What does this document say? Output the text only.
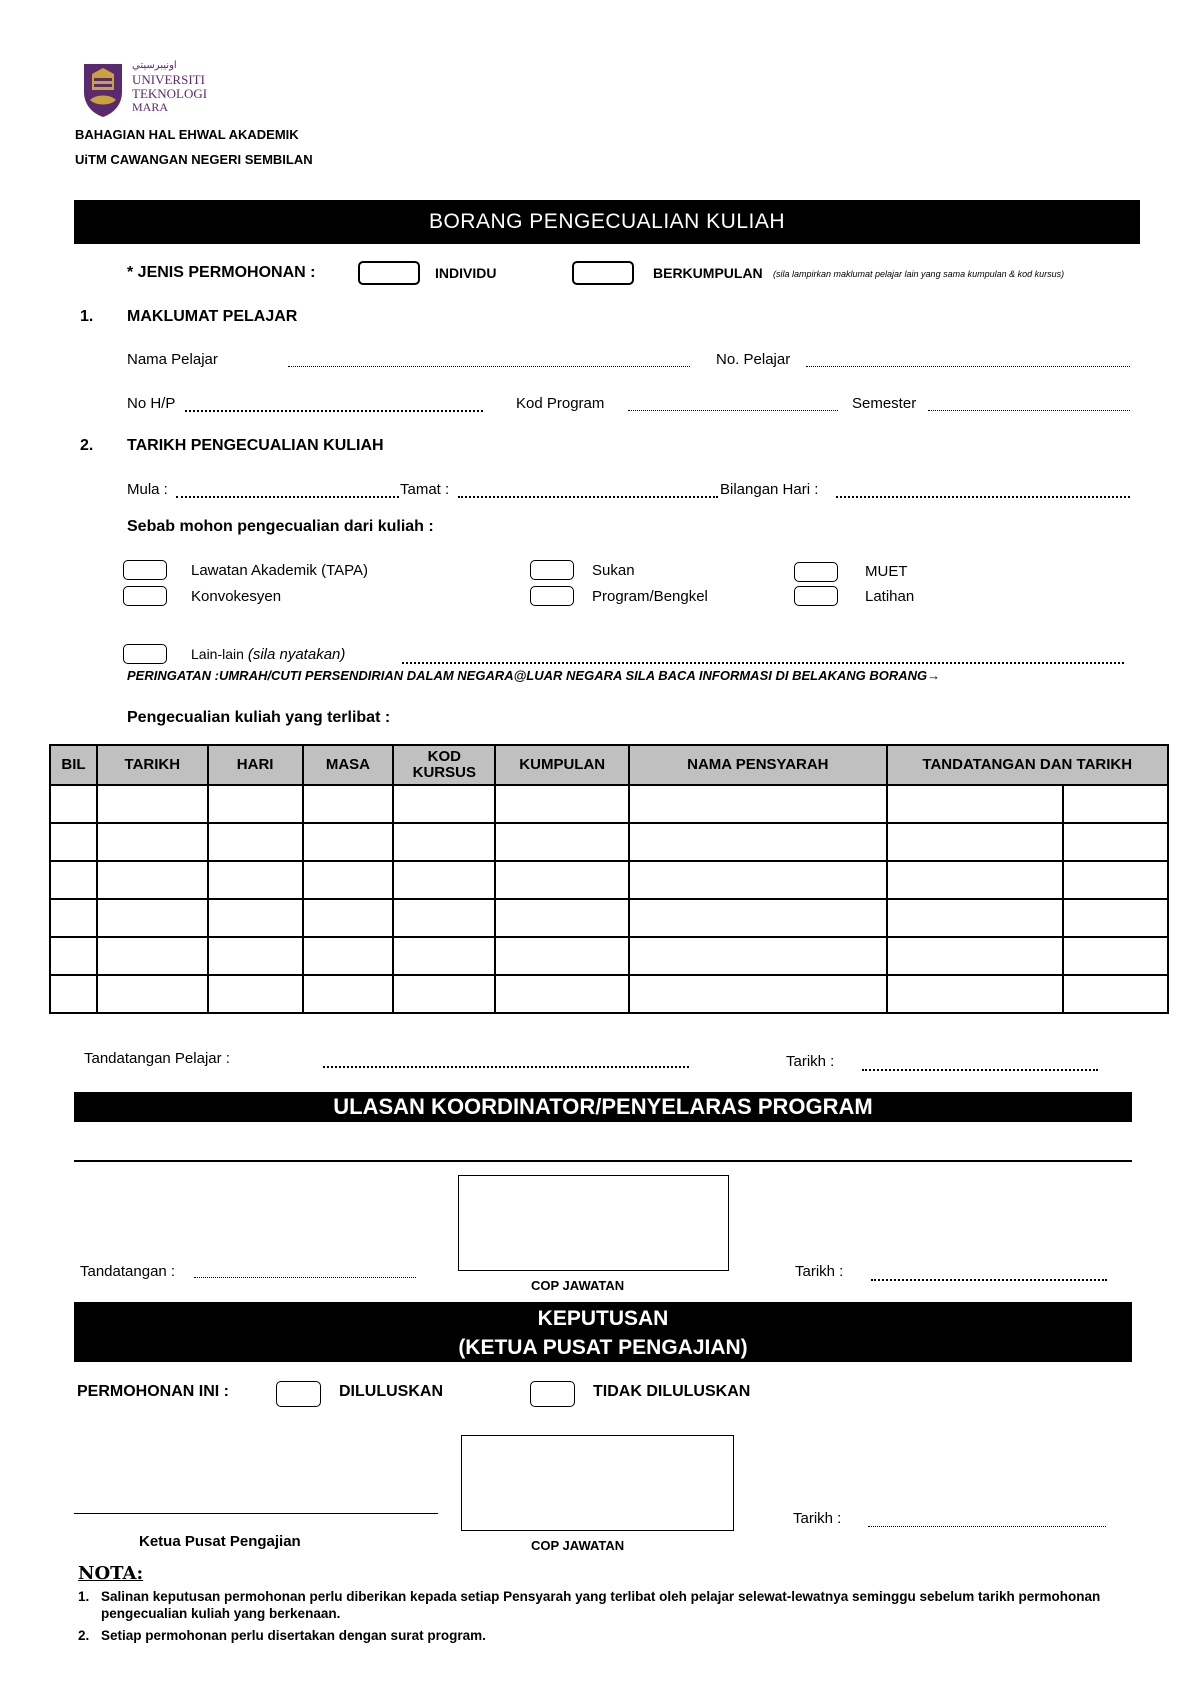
ﺍﻭﻧﻴﺒﺮﺳﻴﺘﻲ
UNIVERSITI
TEKNOLOGI
MARA
BAHAGIAN HAL EHWAL AKADEMIK
UiTM CAWANGAN NEGERI SEMBILAN
BORANG PENGECUALIAN KULIAH
* JENIS PERMOHONAN :	INDIVIDU	BERKUMPULAN (sila lampirkan maklumat pelajar lain yang sama kumpulan & kod kursus)
1. MAKLUMAT PELAJAR
Nama Pelajar	No. Pelajar
No H/P	Kod Program	Semester
2. TARIKH PENGECUALIAN KULIAH
Mula :	Tamat :	Bilangan Hari :
Sebab mohon pengecualian dari kuliah :
Lawatan Akademik (TAPA)
Konvokesyen
Sukan
Program/Bengkel
MUET
Latihan
Lain-lain (sila nyatakan)
PERINGATAN :UMRAH/CUTI PERSENDIRIAN DALAM NEGARA@LUAR NEGARA SILA BACA INFORMASI DI BELAKANG BORANG→
Pengecualian kuliah yang terlibat :
BIL	TARIKH	HARI	MASA	KOD KURSUS	KUMPULAN	NAMA PENSYARAH	TANDATANGAN DAN TARIKH	

Tandatangan Pelajar :	Tarikh :
ULASAN KOORDINATOR/PENYELARAS PROGRAM
Tandatangan :
COP JAWATAN
Tarikh :
KEPUTUSAN
(KETUA PUSAT PENGAJIAN)
PERMOHONAN INI :	DILULUSKAN	TIDAK DILULUSKAN
Tarikh :
Ketua Pusat Pengajian	COP JAWATAN
NOTA:
1. Salinan keputusan permohonan perlu diberikan kepada setiap Pensyarah yang terlibat oleh pelajar selewat-lewatnya seminggu sebelum tarikh permohonan pengecualian kuliah yang berkenaan.
2. Setiap permohonan perlu disertakan dengan surat program.
